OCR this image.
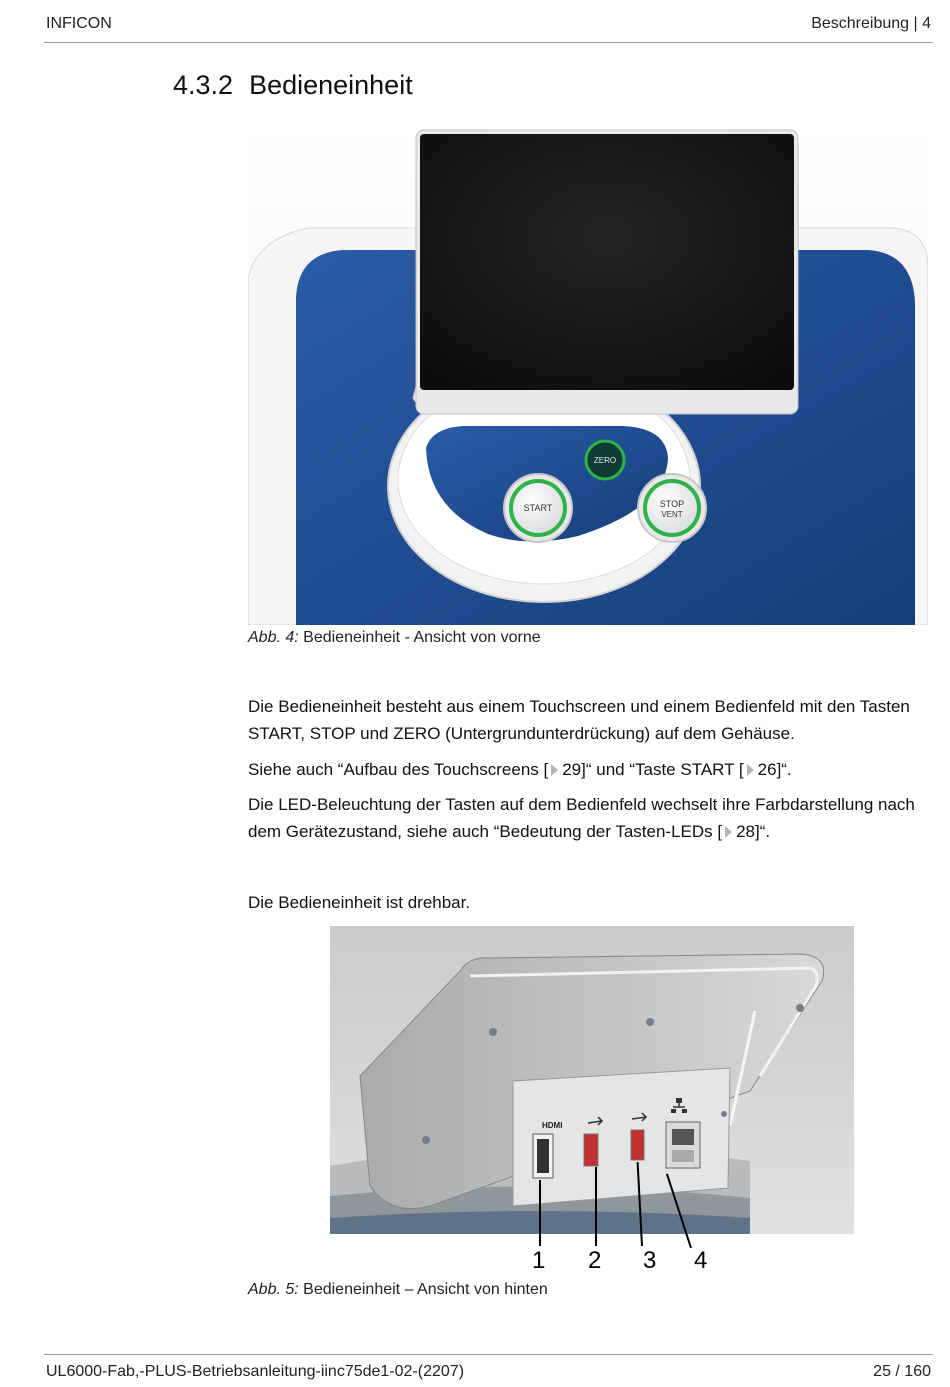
INFICON	Beschreibung | 4
4.3.2 Bedieneinheit
ZERO
START	STOP
VENT
Abb. 4: Bedieneinheit - Ansicht von vorne

Die Bedieneinheit besteht aus einem Touchscreen und einem Bedienfeld mit den Tasten START, STOP und ZERO (Untergrundunterdrückung) auf dem Gehäuse.

Siehe auch “Aufbau des Touchscreens [ 29]“ und “Taste START [ 26]“.

Die LED-Beleuchtung der Tasten auf dem Bedienfeld wechselt ihre Farbdarstellung nach dem Gerätezustand, siehe auch “Bedeutung der Tasten-LEDs [ 28]“.

Die Bedieneinheit ist drehbar.

HDMI
1 2 3 4
Abb. 5: Bedieneinheit – Ansicht von hinten
UL6000-Fab,-PLUS-Betriebsanleitung-iinc75de1-02-(2207)	25 / 160
